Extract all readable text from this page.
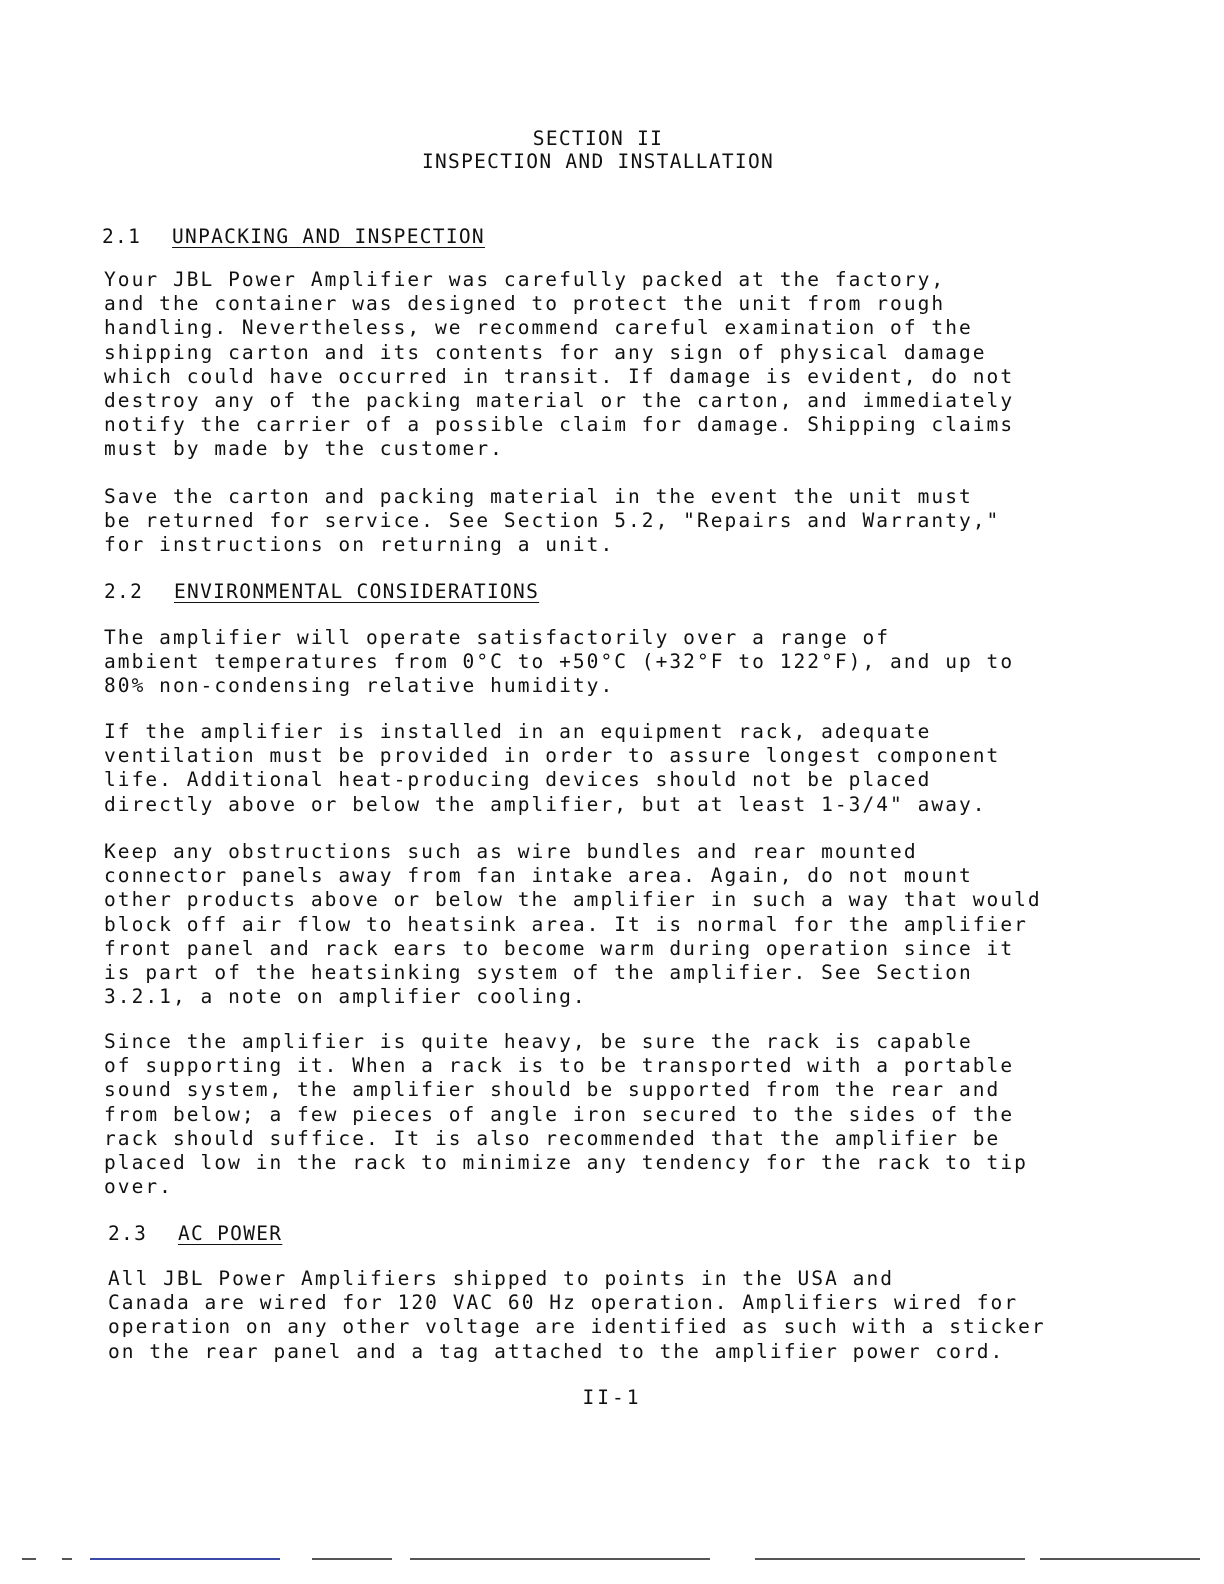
SECTION II
INSPECTION AND INSTALLATION
2.1 UNPACKING AND INSPECTION

Your JBL Power Amplifier was carefully packed at the factory,
and the container was designed to protect the unit from rough
handling. Nevertheless, we recommend careful examination of the
shipping carton and its contents for any sign of physical damage
which could have occurred in transit. If damage is evident, do not
destroy any of the packing material or the carton, and immediately
notify the carrier of a possible claim for damage. Shipping claims
must by made by the customer.

Save the carton and packing material in the event the unit must
be returned for service. See Section 5.2, "Repairs and Warranty,"
for instructions on returning a unit.

2.2 ENVIRONMENTAL CONSIDERATIONS

The amplifier will operate satisfactorily over a range of
ambient temperatures from 0°C to +50°C (+32°F to 122°F), and up to
80% non-condensing relative humidity.

If the amplifier is installed in an equipment rack, adequate
ventilation must be provided in order to assure longest component
life. Additional heat-producing devices should not be placed
directly above or below the amplifier, but at least 1-3/4" away.

Keep any obstructions such as wire bundles and rear mounted
connector panels away from fan intake area. Again, do not mount
other products above or below the amplifier in such a way that would
block off air flow to heatsink area. It is normal for the amplifier
front panel and rack ears to become warm during operation since it
is part of the heatsinking system of the amplifier. See Section
3.2.1, a note on amplifier cooling.

Since the amplifier is quite heavy, be sure the rack is capable
of supporting it. When a rack is to be transported with a portable
sound system, the amplifier should be supported from the rear and
from below; a few pieces of angle iron secured to the sides of the
rack should suffice. It is also recommended that the amplifier be
placed low in the rack to minimize any tendency for the rack to tip
over.

2.3 AC POWER

All JBL Power Amplifiers shipped to points in the USA and
Canada are wired for 120 VAC 60 Hz operation. Amplifiers wired for
operation on any other voltage are identified as such with a sticker
on the rear panel and a tag attached to the amplifier power cord.

II-1
